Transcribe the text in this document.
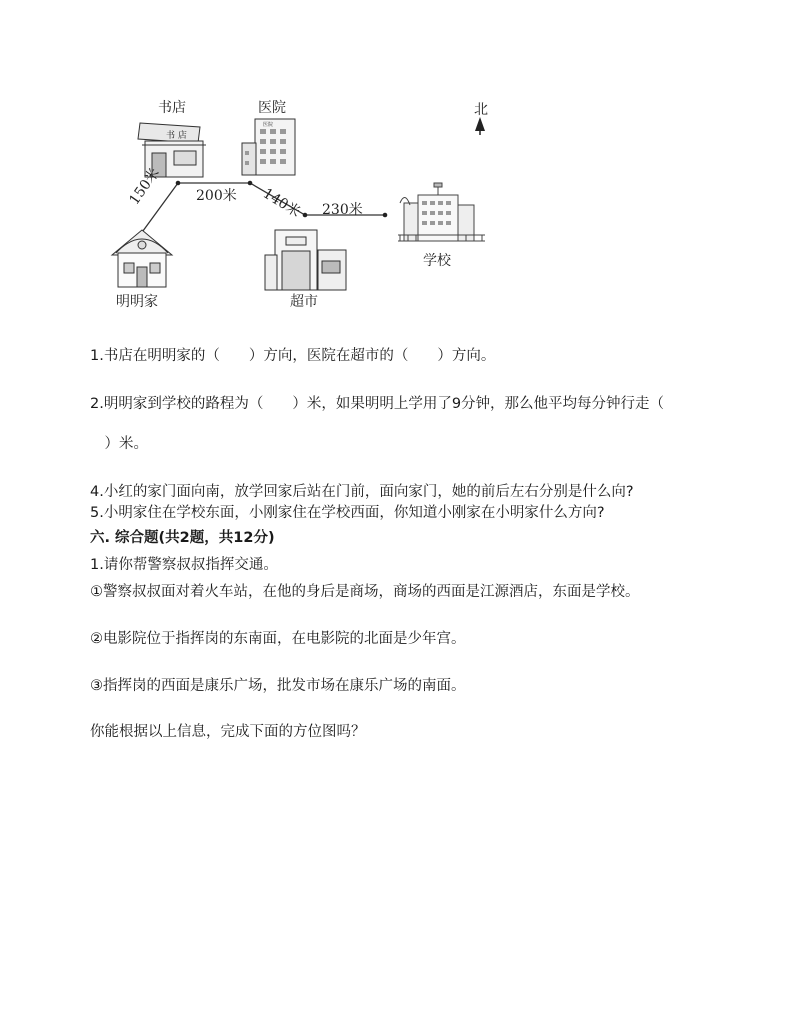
书 店
医院
书店	医院	北
150米 200米 140米 230米
学校
明明家	超市
1.书店在明明家的（　　）方向，医院在超市的（　　）方向。
2.明明家到学校的路程为（　　）米，如果明明上学用了9分钟，那么他平均每分钟行走（
　）米。
4.小红的家门面向南，放学回家后站在门前，面向家门，她的前后左右分别是什么向?
5.小明家住在学校东面，小刚家住在学校西面，你知道小刚家在小明家什么方向?
六. 综合题(共2题，共12分)
1.请你帮警察叔叔指挥交通。
①警察叔叔面对着火车站，在他的身后是商场，商场的西面是江源酒店，东面是学校。
②电影院位于指挥岗的东南面，在电影院的北面是少年宫。
③指挥岗的西面是康乐广场，批发市场在康乐广场的南面。
你能根据以上信息，完成下面的方位图吗？
